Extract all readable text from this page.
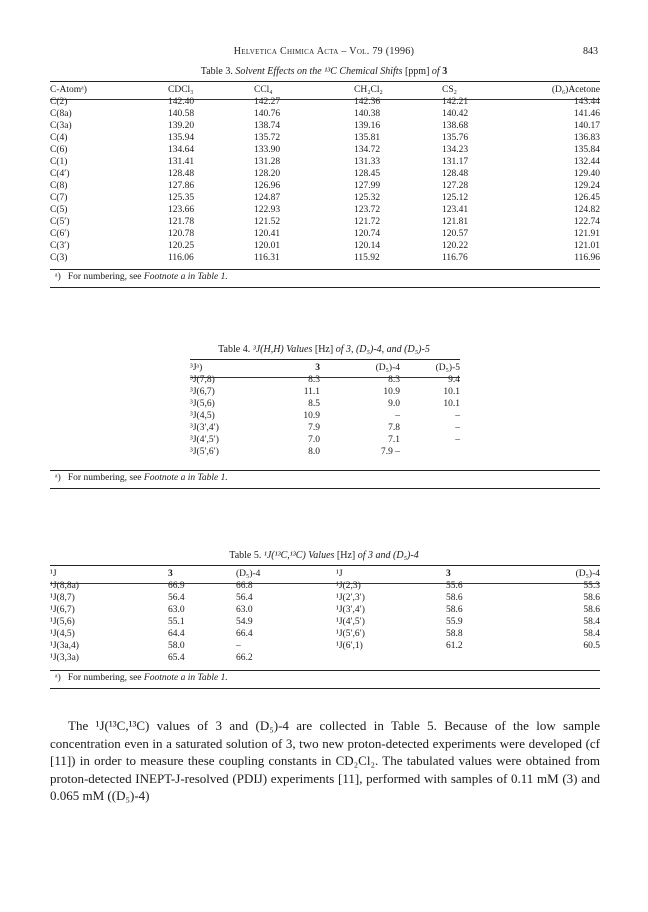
Helvetica Chimica Acta – Vol. 79 (1996)	843
Table 3. Solvent Effects on the ¹³C Chemical Shifts [ppm] of 3
C-Atomᵃ)	CDCl₃	CCl₄	CH₂Cl₂	CS₂	(D₆)Acetone
C(2)	142.40	142.27	142.36	142.21	143.44
C(8a)	140.58	140.76	140.38	140.42	141.46
C(3a)	139.20	138.74	139.16	138.68	140.17
C(4)	135.94	135.72	135.81	135.76	136.83
C(6)	134.64	133.90	134.72	134.23	135.84
C(1)	131.41	131.28	131.33	131.17	132.44
C(4′)	128.48	128.20	128.45	128.48	129.40
C(8)	127.86	126.96	127.99	127.28	129.24
C(7)	125.35	124.87	125.32	125.12	126.45
C(5)	123.66	122.93	123.72	123.41	124.82
C(5′)	121.78	121.52	121.72	121.81	122.74
C(6′)	120.78	120.41	120.74	120.57	121.91
C(3′)	120.25	120.01	120.14	120.22	121.01
C(3)	116.06	116.31	115.92	116.76	116.96
ᵃ) For numbering, see Footnote a in Table 1.
Table 4. ³J(H,H) Values [Hz] of 3, (D₅)-4, and (D₅)-5
³Jᵃ)	3	(D₅)-4	(D₅)-5
³J(7,8)	8.3	8.3	9.4
³J(6,7)	11.1	10.9	10.1
³J(5,6)	8.5	9.0	10.1
³J(4,5)	10.9	–	–
³J(3′,4′)	7.9	7.8	–
³J(4′,5′)	7.0	7.1	–
³J(5′,6′)	8.0	7.9 –	
ᵃ) For numbering, see Footnote a in Table 1.
Table 5. ¹J(¹³C,¹³C) Values [Hz] of 3 and (D₅)-4
¹J	3	(D₅)-4	¹J	3	(D₅)-4
¹J(8,8a)	66.9	66.8	¹J(2,3)	55.6	55.3
¹J(8,7)	56.4	56.4	¹J(2′,3′)	58.6	58.6
¹J(6,7)	63.0	63.0	¹J(3′,4′)	58.6	58.6
¹J(5,6)	55.1	54.9	¹J(4′,5′)	55.9	58.4
¹J(4,5)	64.4	66.4	¹J(5′,6′)	58.8	58.4
¹J(3a,4)	58.0	–	¹J(6′,1)	61.2	60.5
¹J(3,3a)	65.4	66.2			
ᵃ) For numbering, see Footnote a in Table 1.

The ¹J(¹³C,¹³C) values of 3 and (D₅)-4 are collected in Table 5. Because of the low sample concentration even in a saturated solution of 3, two new proton-detected experiments were developed (cf [11]) in order to measure these coupling constants in CD₂Cl₂. The tabulated values were obtained from proton-detected INEPT-J-resolved (PDIJ) experiments [11], performed with samples of 0.11 mM (3) and 0.065 mM ((D₅)-4)
